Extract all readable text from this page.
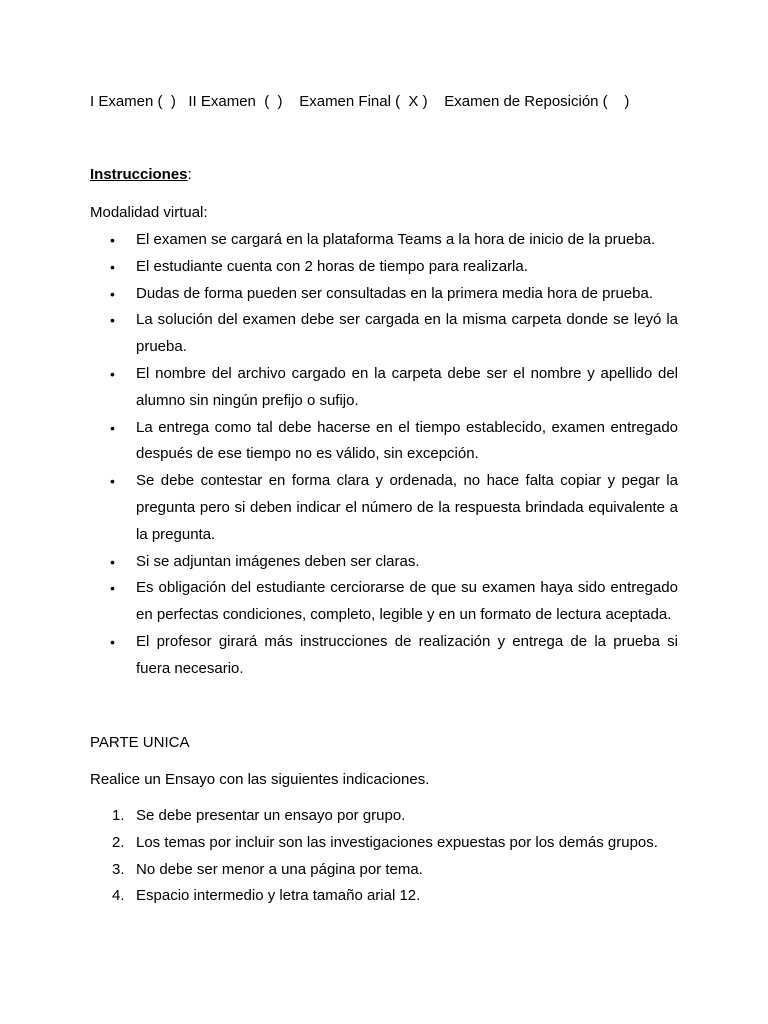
I Examen (  )   II Examen  (  )    Examen Final (  X )    Examen de Reposición (    )
Instrucciones:
Modalidad virtual:
• El examen se cargará en la plataforma Teams a la hora de inicio de la prueba.
• El estudiante cuenta con 2 horas de tiempo para realizarla.
• Dudas de forma pueden ser consultadas en la primera media hora de prueba.
• La solución del examen debe ser cargada en la misma carpeta donde se leyó la prueba.
• El nombre del archivo cargado en la carpeta debe ser el nombre y apellido del alumno sin ningún prefijo o sufijo.
• La entrega como tal debe hacerse en el tiempo establecido, examen entregado después de ese tiempo no es válido, sin excepción.
• Se debe contestar en forma clara y ordenada, no hace falta copiar y pegar la pregunta pero si deben indicar el número de la respuesta brindada equivalente a la pregunta.
• Si se adjuntan imágenes deben ser claras.
• Es obligación del estudiante cerciorarse de que su examen haya sido entregado en perfectas condiciones, completo, legible y en un formato de lectura aceptada.
• El profesor girará más instrucciones de realización y entrega de la prueba si fuera necesario.
PARTE UNICA
Realice un Ensayo con las siguientes indicaciones.
1. Se debe presentar un ensayo por grupo.
2. Los temas por incluir son las investigaciones expuestas por los demás grupos.
3. No debe ser menor a una página por tema.
4. Espacio intermedio y letra tamaño arial 12.
